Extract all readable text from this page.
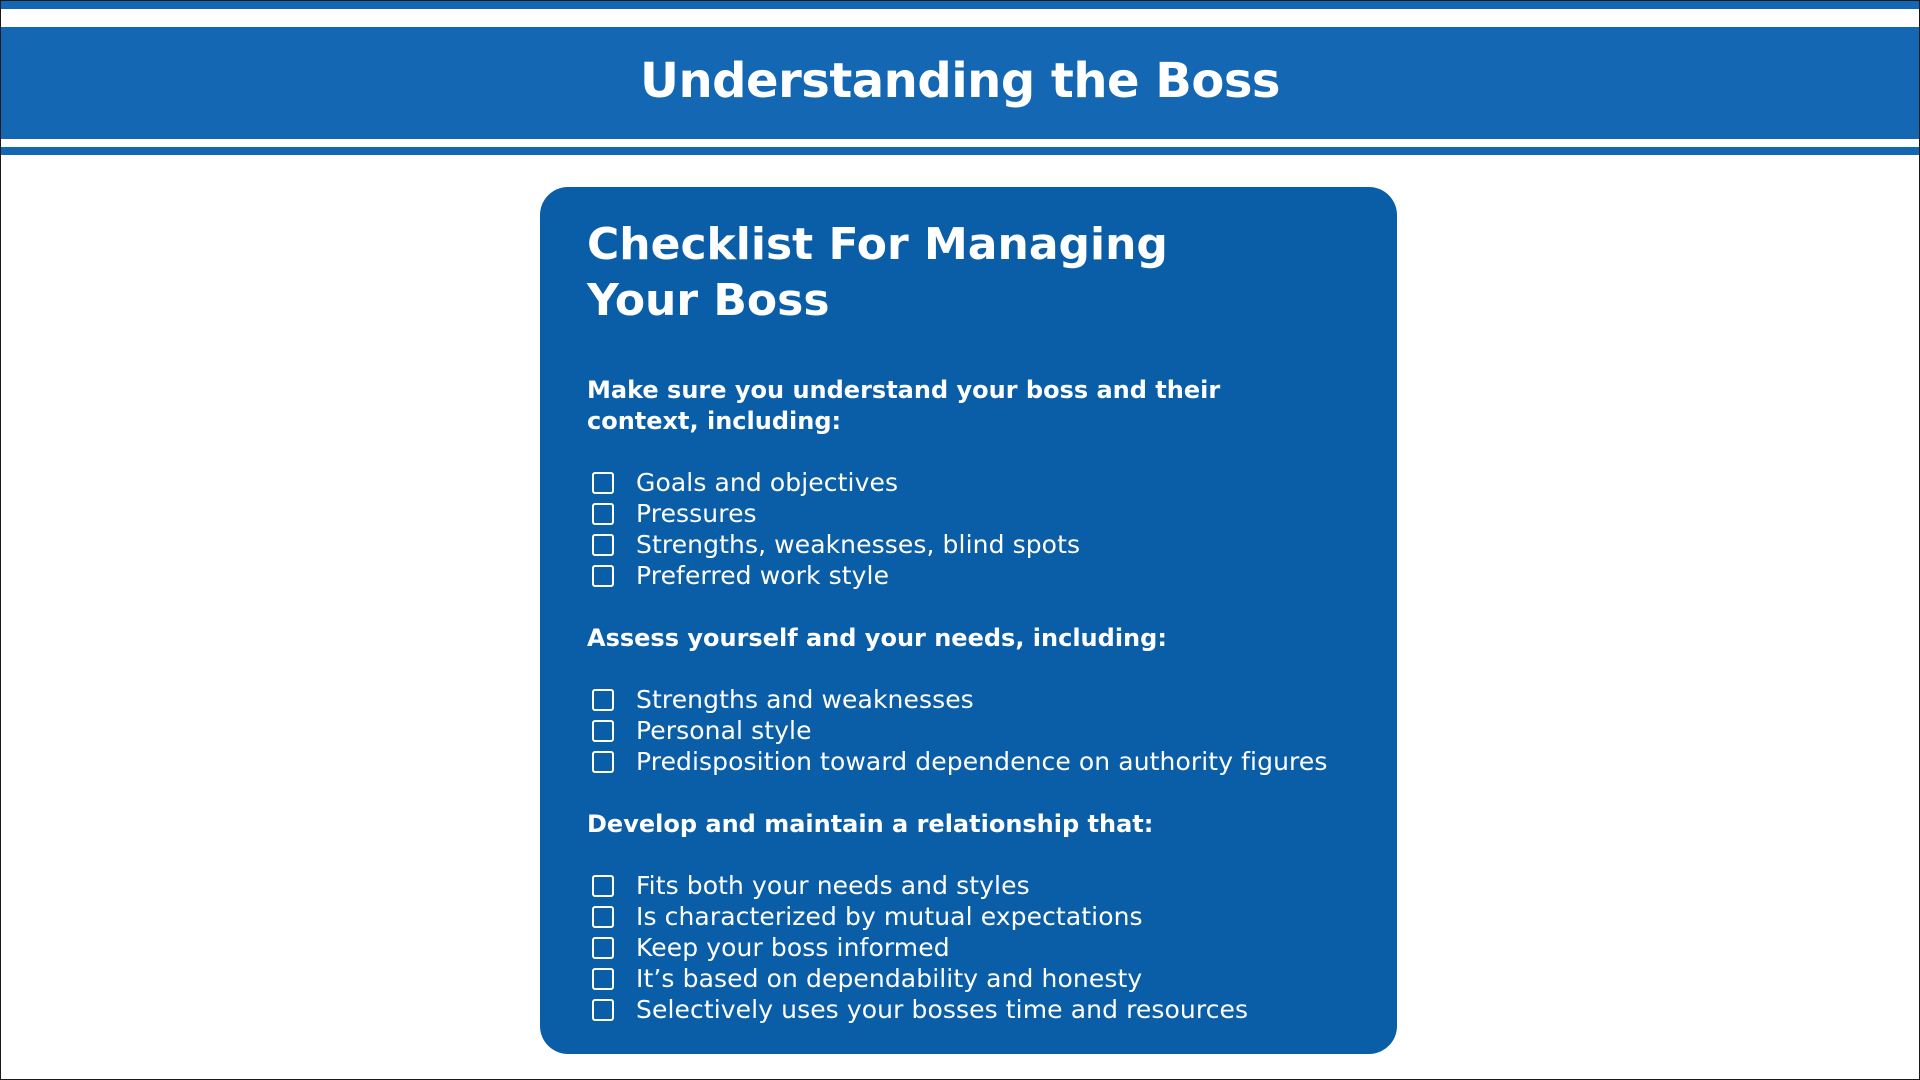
Understanding the Boss
Checklist For Managing
Your Boss
Make sure you understand your boss and their context, including:
Goals and objectives
Pressures
Strengths, weaknesses, blind spots
Preferred work style
Assess yourself and your needs, including:
Strengths and weaknesses
Personal style
Predisposition toward dependence on authority figures
Develop and maintain a relationship that:
Fits both your needs and styles
Is characterized by mutual expectations
Keep your boss informed
It’s based on dependability and honesty
Selectively uses your bosses time and resources
